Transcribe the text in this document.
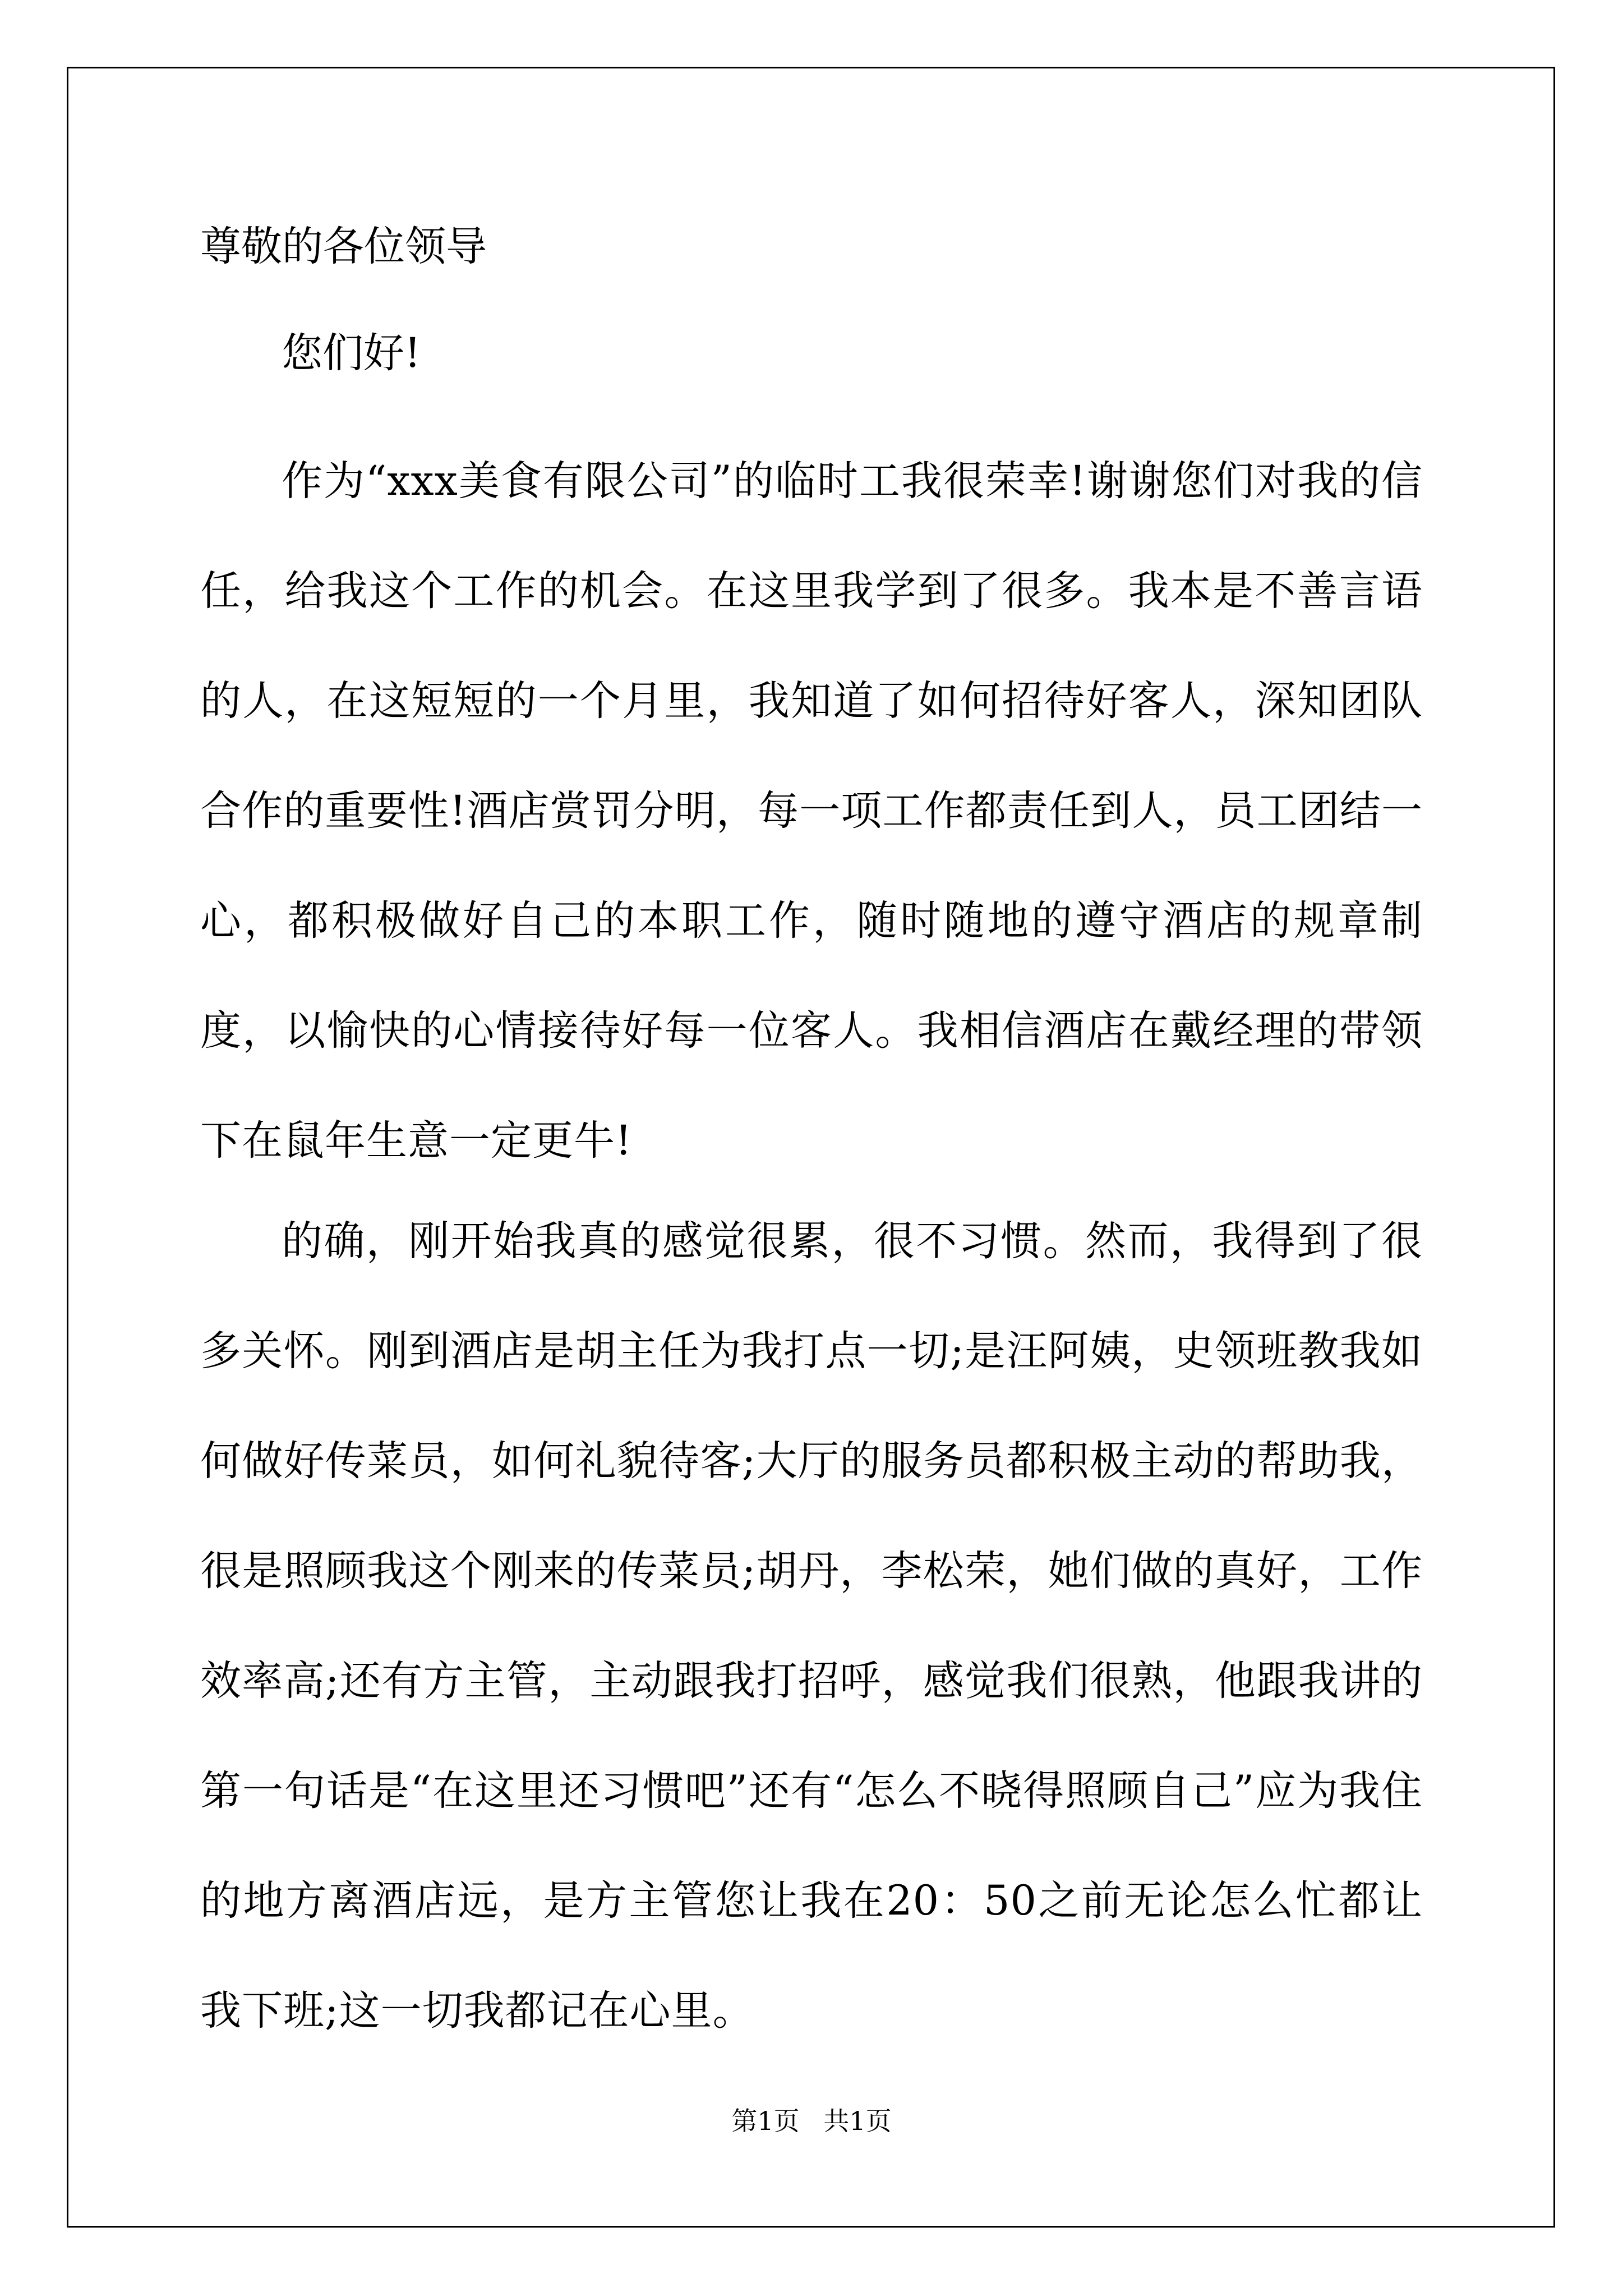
尊敬的各位领导
您们好!

作为“xxx美食有限公司”的临时工我很荣幸!谢谢您们对我的信任，给我这个工作的机会。在这里我学到了很多。我本是不善言语的人，在这短短的一个月里，我知道了如何招待好客人，深知团队合作的重要性!酒店赏罚分明，每一项工作都责任到人，员工团结一心，都积极做好自己的本职工作，随时随地的遵守酒店的规章制度，以愉快的心情接待好每一位客人。我相信酒店在戴经理的带领下在鼠年生意一定更牛!

的确，刚开始我真的感觉很累，很不习惯。然而，我得到了很多关怀。刚到酒店是胡主任为我打点一切;是汪阿姨，史领班教我如何做好传菜员，如何礼貌待客;大厅的服务员都积极主动的帮助我，很是照顾我这个刚来的传菜员;胡丹，李松荣，她们做的真好，工作效率高;还有方主管，主动跟我打招呼，感觉我们很熟，他跟我讲的第一句话是“在这里还习惯吧”还有“怎么不晓得照顾自己”应为我住的地方离酒店远，是方主管您让我在20：50之前无论怎么忙都让我下班;这一切我都记在心里。

第1页 共1页
